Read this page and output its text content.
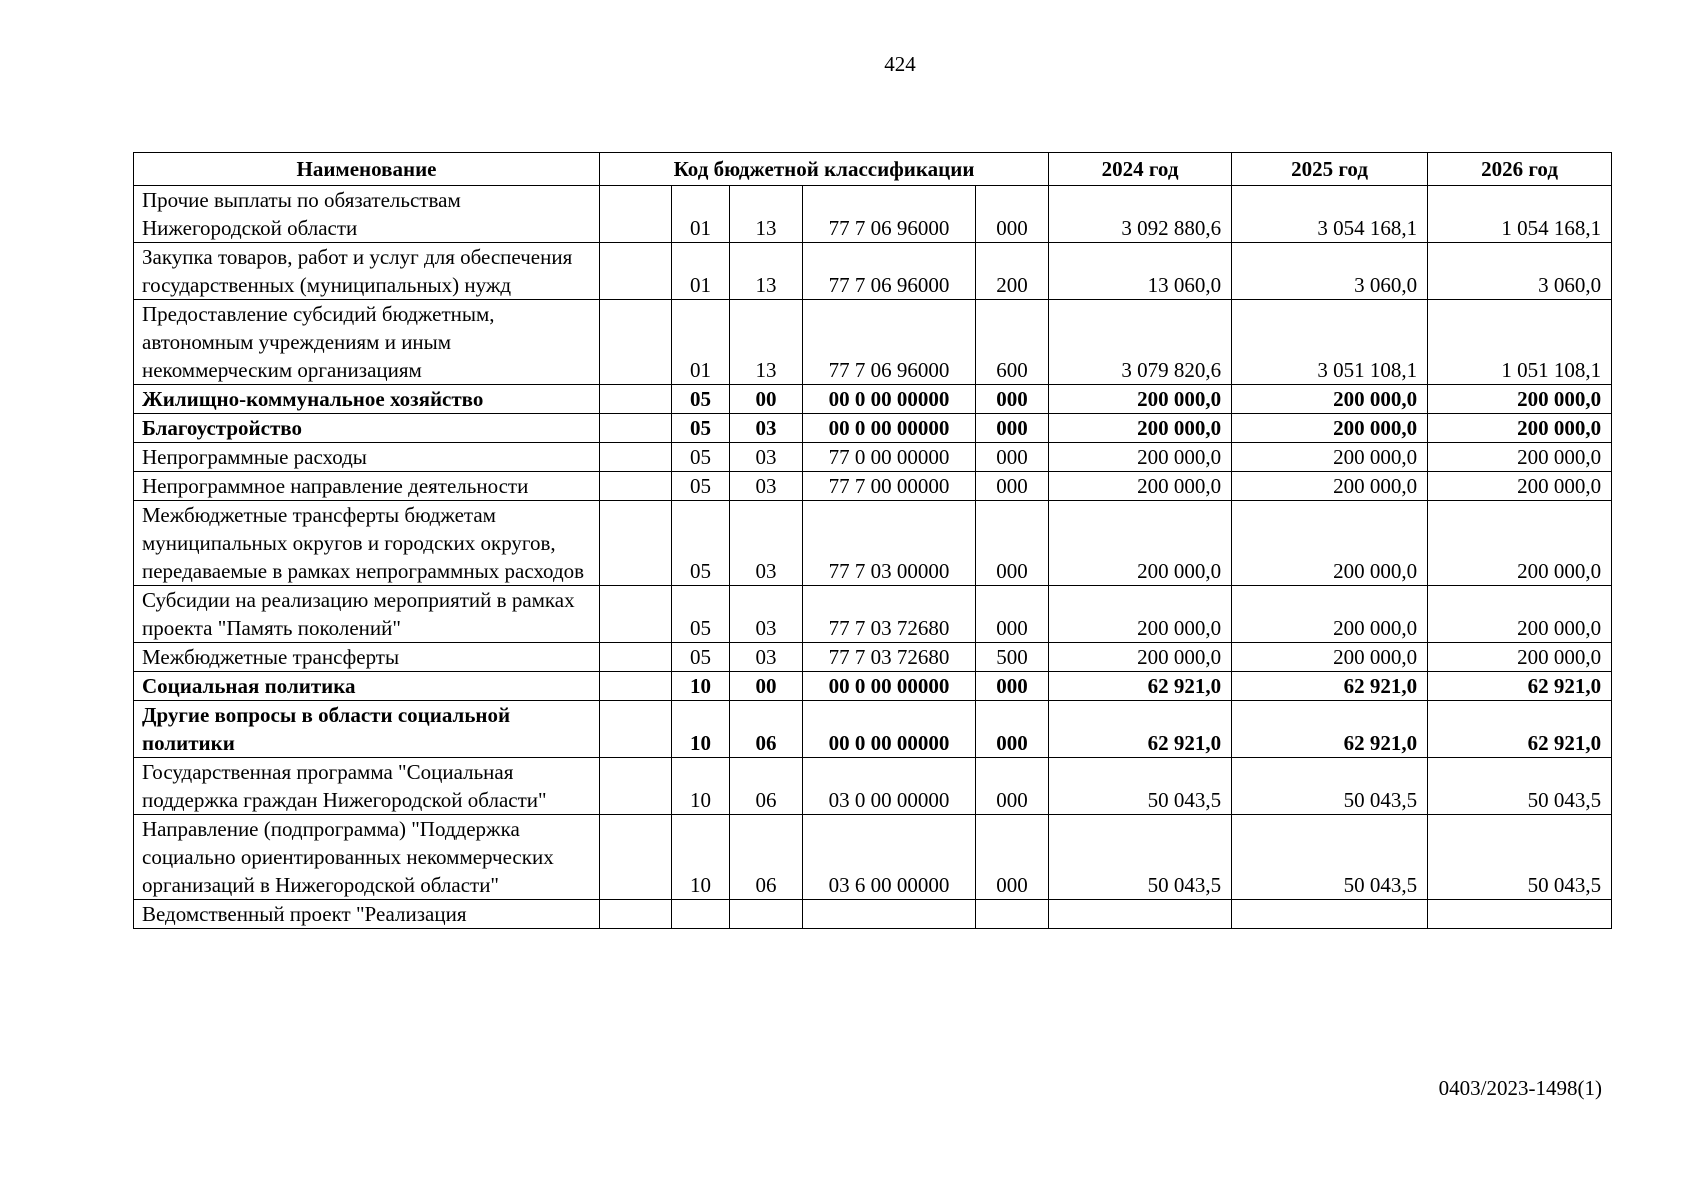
424
Наименование	Код бюджетной классификации					2024 год	2025 год	2026 год
Прочие выплаты по обязательствам Нижегородской области		01	13	77 7 06 96000	000	3 092 880,6	3 054 168,1	1 054 168,1
Закупка товаров, работ и услуг для обеспечения государственных (муниципальных) нужд		01	13	77 7 06 96000	200	13 060,0	3 060,0	3 060,0
Предоставление субсидий бюджетным, автономным учреждениям и иным некоммерческим организациям		01	13	77 7 06 96000	600	3 079 820,6	3 051 108,1	1 051 108,1
Жилищно-коммунальное хозяйство		05	00	00 0 00 00000	000	200 000,0	200 000,0	200 000,0
Благоустройство		05	03	00 0 00 00000	000	200 000,0	200 000,0	200 000,0
Непрограммные расходы		05	03	77 0 00 00000	000	200 000,0	200 000,0	200 000,0
Непрограммное направление деятельности		05	03	77 7 00 00000	000	200 000,0	200 000,0	200 000,0
Межбюджетные трансферты бюджетам муниципальных округов и городских округов, передаваемые в рамках непрограммных расходов		05	03	77 7 03 00000	000	200 000,0	200 000,0	200 000,0
Субсидии на реализацию мероприятий в рамках проекта "Память поколений"		05	03	77 7 03 72680	000	200 000,0	200 000,0	200 000,0
Межбюджетные трансферты		05	03	77 7 03 72680	500	200 000,0	200 000,0	200 000,0
Социальная политика		10	00	00 0 00 00000	000	62 921,0	62 921,0	62 921,0
Другие вопросы в области социальной политики		10	06	00 0 00 00000	000	62 921,0	62 921,0	62 921,0
Государственная программа "Социальная поддержка граждан Нижегородской области"		10	06	03 0 00 00000	000	50 043,5	50 043,5	50 043,5
Направление (подпрограмма) "Поддержка социально ориентированных некоммерческих организаций в Нижегородской области"		10	06	03 6 00 00000	000	50 043,5	50 043,5	50 043,5
Ведомственный проект "Реализация								
0403/2023-1498(1)
